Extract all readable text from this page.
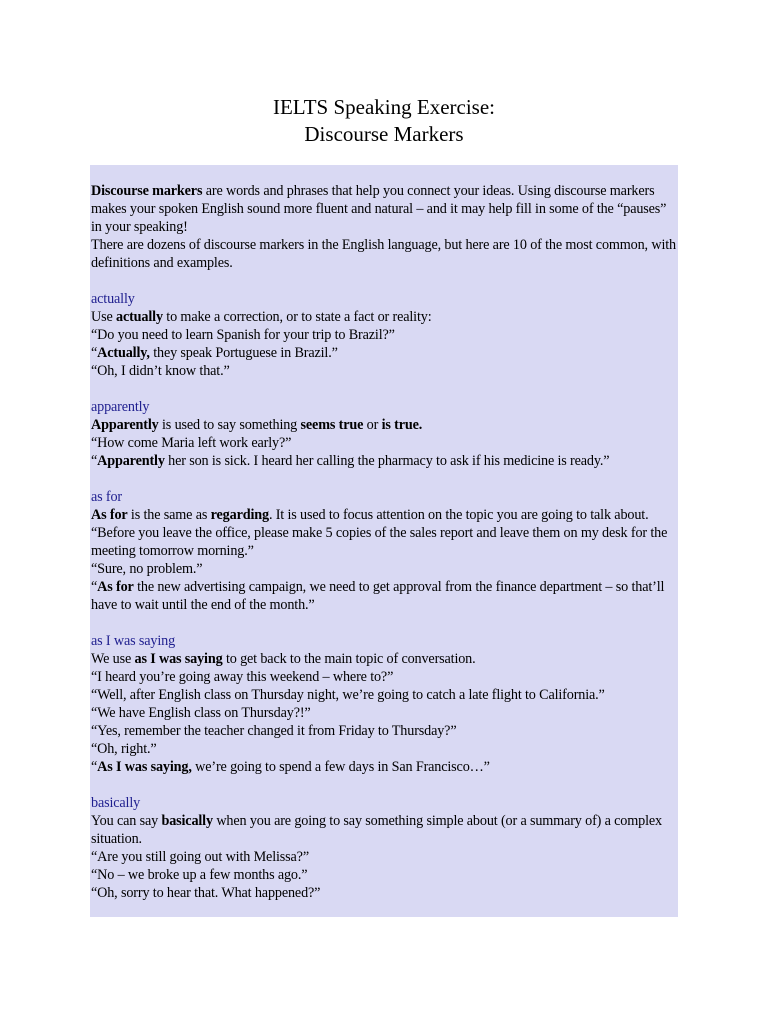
IELTS Speaking Exercise:
Discourse Markers

Discourse markers are words and phrases that help you connect your ideas. Using discourse markers makes your spoken English sound more fluent and natural – and it may help fill in some of the “pauses” in your speaking!

There are dozens of discourse markers in the English language, but here are 10 of the most common, with definitions and examples.

actually

Use actually to make a correction, or to state a fact or reality:

“Do you need to learn Spanish for your trip to Brazil?”

“Actually, they speak Portuguese in Brazil.”

“Oh, I didn’t know that.”

apparently

Apparently is used to say something seems true or is true.

“How come Maria left work early?”

“Apparently her son is sick. I heard her calling the pharmacy to ask if his medicine is ready.”

as for

As for is the same as regarding. It is used to focus attention on the topic you are going to talk about.

“Before you leave the office, please make 5 copies of the sales report and leave them on my desk for the meeting tomorrow morning.”

“Sure, no problem.”

“As for the new advertising campaign, we need to get approval from the finance department – so that’ll have to wait until the end of the month.”

as I was saying

We use as I was saying to get back to the main topic of conversation.

“I heard you’re going away this weekend – where to?”

“Well, after English class on Thursday night, we’re going to catch a late flight to California.”

“We have English class on Thursday?!”

“Yes, remember the teacher changed it from Friday to Thursday?”

“Oh, right.”

“As I was saying, we’re going to spend a few days in San Francisco…”

basically

You can say basically when you are going to say something simple about (or a summary of) a complex situation.

“Are you still going out with Melissa?”

“No – we broke up a few months ago.”

“Oh, sorry to hear that. What happened?”
